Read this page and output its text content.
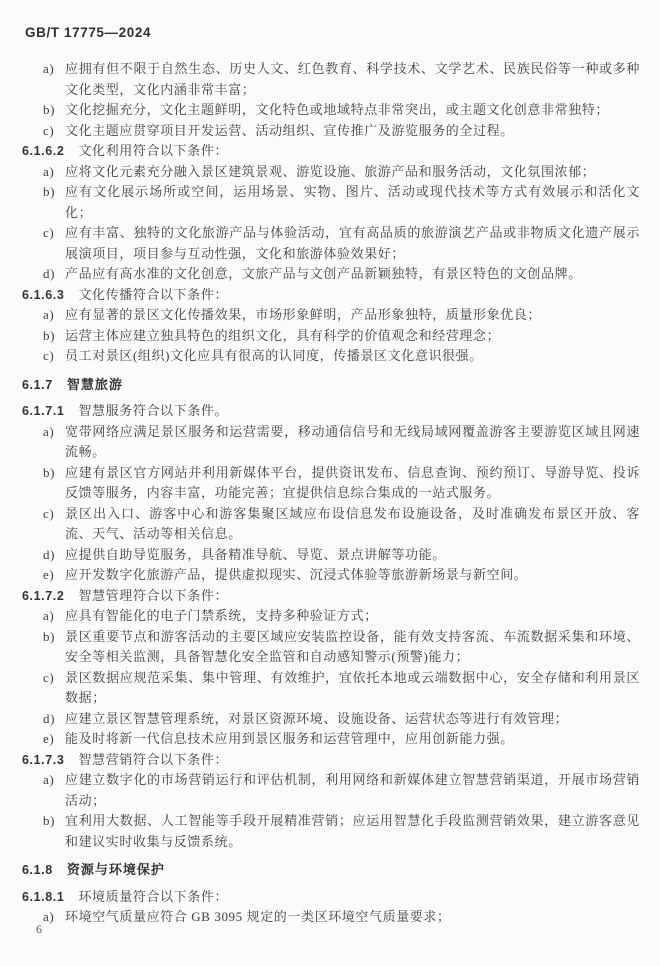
GB/T 17775—2024
a) 应拥有但不限于自然生态、历史人文、红色教育、科学技术、文学艺术、民族民俗等一种或多种文化类型，文化内涵非常丰富；
b) 文化挖掘充分，文化主题鲜明，文化特色或地域特点非常突出，或主题文化创意非常独特；
c) 文化主题应贯穿项目开发运营、活动组织、宣传推广及游览服务的全过程。
6.1.6.2 文化利用符合以下条件：
a) 应将文化元素充分融入景区建筑景观、游览设施、旅游产品和服务活动，文化氛围浓郁；
b) 应有文化展示场所或空间，运用场景、实物、图片、活动或现代技术等方式有效展示和活化文化；
c) 应有丰富、独特的文化旅游产品与体验活动，宜有高品质的旅游演艺产品或非物质文化遗产展示展演项目，项目参与互动性强，文化和旅游体验效果好；
d) 产品应有高水准的文化创意，文旅产品与文创产品新颖独特，有景区特色的文创品牌。
6.1.6.3 文化传播符合以下条件：
a) 应有显著的景区文化传播效果，市场形象鲜明，产品形象独特，质量形象优良；
b) 运营主体应建立独具特色的组织文化，具有科学的价值观念和经营理念；
c) 员工对景区(组织)文化应具有很高的认同度，传播景区文化意识很强。
6.1.7 智慧旅游
6.1.7.1 智慧服务符合以下条件。
a) 宽带网络应满足景区服务和运营需要，移动通信信号和无线局域网覆盖游客主要游览区域且网速流畅。
b) 应建有景区官方网站并利用新媒体平台，提供资讯发布、信息查询、预约预订、导游导览、投诉反馈等服务，内容丰富，功能完善；宜提供信息综合集成的一站式服务。
c) 景区出入口、游客中心和游客集聚区域应布设信息发布设施设备，及时准确发布景区开放、客流、天气、活动等相关信息。
d) 应提供自助导览服务，具备精准导航、导览、景点讲解等功能。
e) 应开发数字化旅游产品，提供虚拟现实、沉浸式体验等旅游新场景与新空间。
6.1.7.2 智慧管理符合以下条件：
a) 应具有智能化的电子门禁系统，支持多种验证方式；
b) 景区重要节点和游客活动的主要区域应安装监控设备，能有效支持客流、车流数据采集和环境、安全等相关监测，具备智慧化安全监管和自动感知警示(预警)能力；
c) 景区数据应规范采集、集中管理、有效维护，宜依托本地或云端数据中心，安全存储和利用景区数据；
d) 应建立景区智慧管理系统，对景区资源环境、设施设备、运营状态等进行有效管理；
e) 能及时将新一代信息技术应用到景区服务和运营管理中，应用创新能力强。
6.1.7.3 智慧营销符合以下条件：
a) 应建立数字化的市场营销运行和评估机制，利用网络和新媒体建立智慧营销渠道，开展市场营销活动；
b) 宜利用大数据、人工智能等手段开展精准营销；应运用智慧化手段监测营销效果，建立游客意见和建议实时收集与反馈系统。
6.1.8 资源与环境保护
6.1.8.1 环境质量符合以下条件：
a) 环境空气质量应符合 GB 3095 规定的一类区环境空气质量要求；
6
